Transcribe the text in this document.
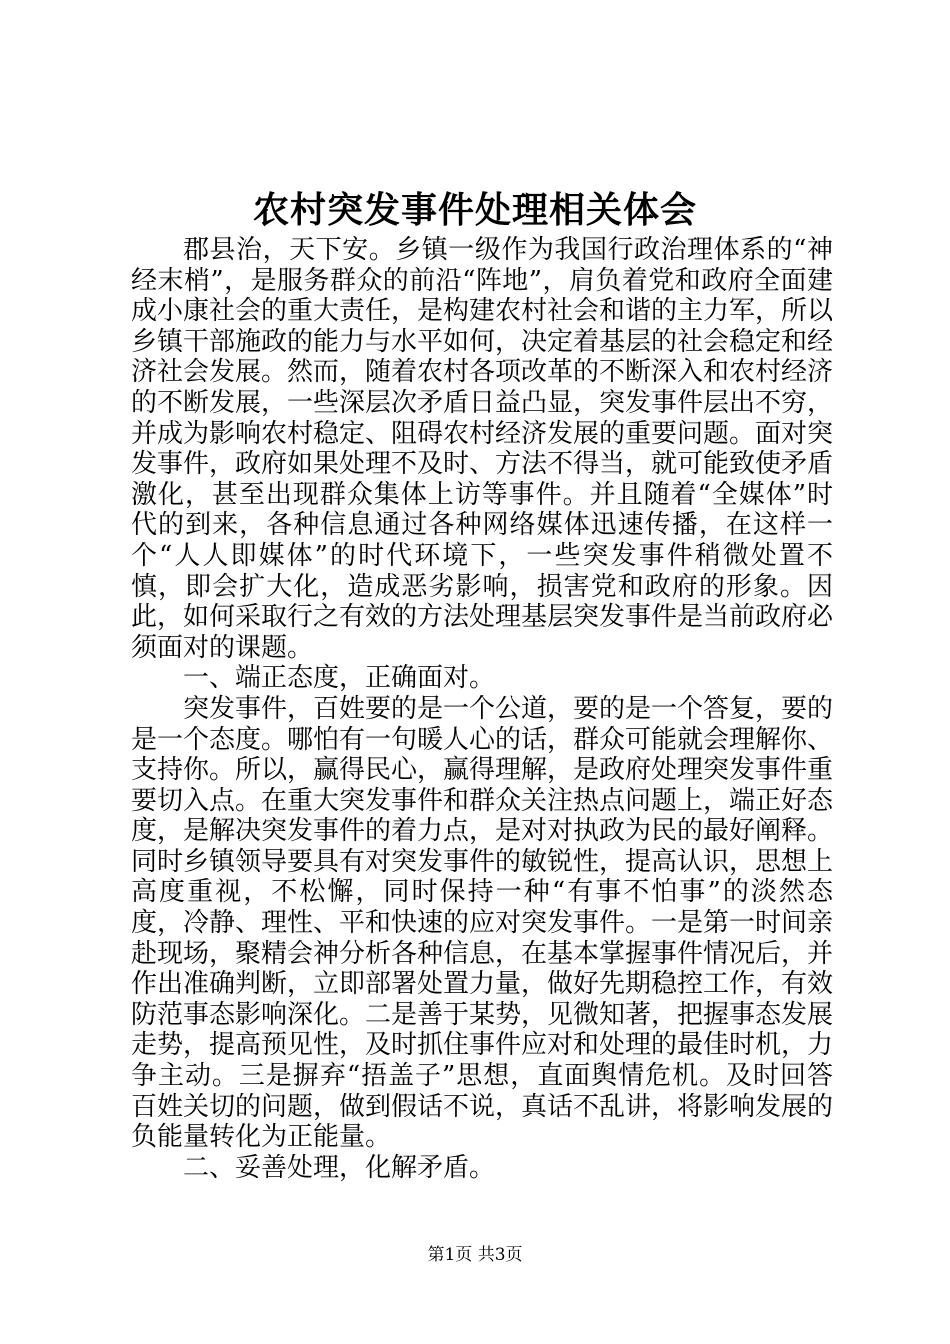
农村突发事件处理相关体会

郡县治，天下安。乡镇一级作为我国行政治理体系的“神经末梢”，是服务群众的前沿“阵地”，肩负着党和政府全面建成小康社会的重大责任，是构建农村社会和谐的主力军，所以乡镇干部施政的能力与水平如何，决定着基层的社会稳定和经济社会发展。然而，随着农村各项改革的不断深入和农村经济的不断发展，一些深层次矛盾日益凸显，突发事件层出不穷，并成为影响农村稳定、阻碍农村经济发展的重要问题。面对突发事件，政府如果处理不及时、方法不得当，就可能致使矛盾激化，甚至出现群众集体上访等事件。并且随着“全媒体”时代的到来，各种信息通过各种网络媒体迅速传播，在这样一个“人人即媒体”的时代环境下，一些突发事件稍微处置不慎，即会扩大化，造成恶劣影响，损害党和政府的形象。因此，如何采取行之有效的方法处理基层突发事件是当前政府必须面对的课题。

一、端正态度，正确面对。

突发事件，百姓要的是一个公道，要的是一个答复，要的是一个态度。哪怕有一句暖人心的话，群众可能就会理解你、支持你。所以，赢得民心，赢得理解，是政府处理突发事件重要切入点。在重大突发事件和群众关注热点问题上，端正好态度，是解决突发事件的着力点，是对对执政为民的最好阐释。同时乡镇领导要具有对突发事件的敏锐性，提高认识，思想上高度重视，不松懈，同时保持一种“有事不怕事”的淡然态度，冷静、理性、平和快速的应对突发事件。一是第一时间亲赴现场，聚精会神分析各种信息，在基本掌握事件情况后，并作出准确判断，立即部署处置力量，做好先期稳控工作，有效防范事态影响深化。二是善于某势，见微知著，把握事态发展走势，提高预见性，及时抓住事件应对和处理的最佳时机，力争主动。三是摒弃“捂盖子”思想，直面舆情危机。及时回答百姓关切的问题，做到假话不说，真话不乱讲，将影响发展的负能量转化为正能量。

二、妥善处理，化解矛盾。

第1页 共3页
